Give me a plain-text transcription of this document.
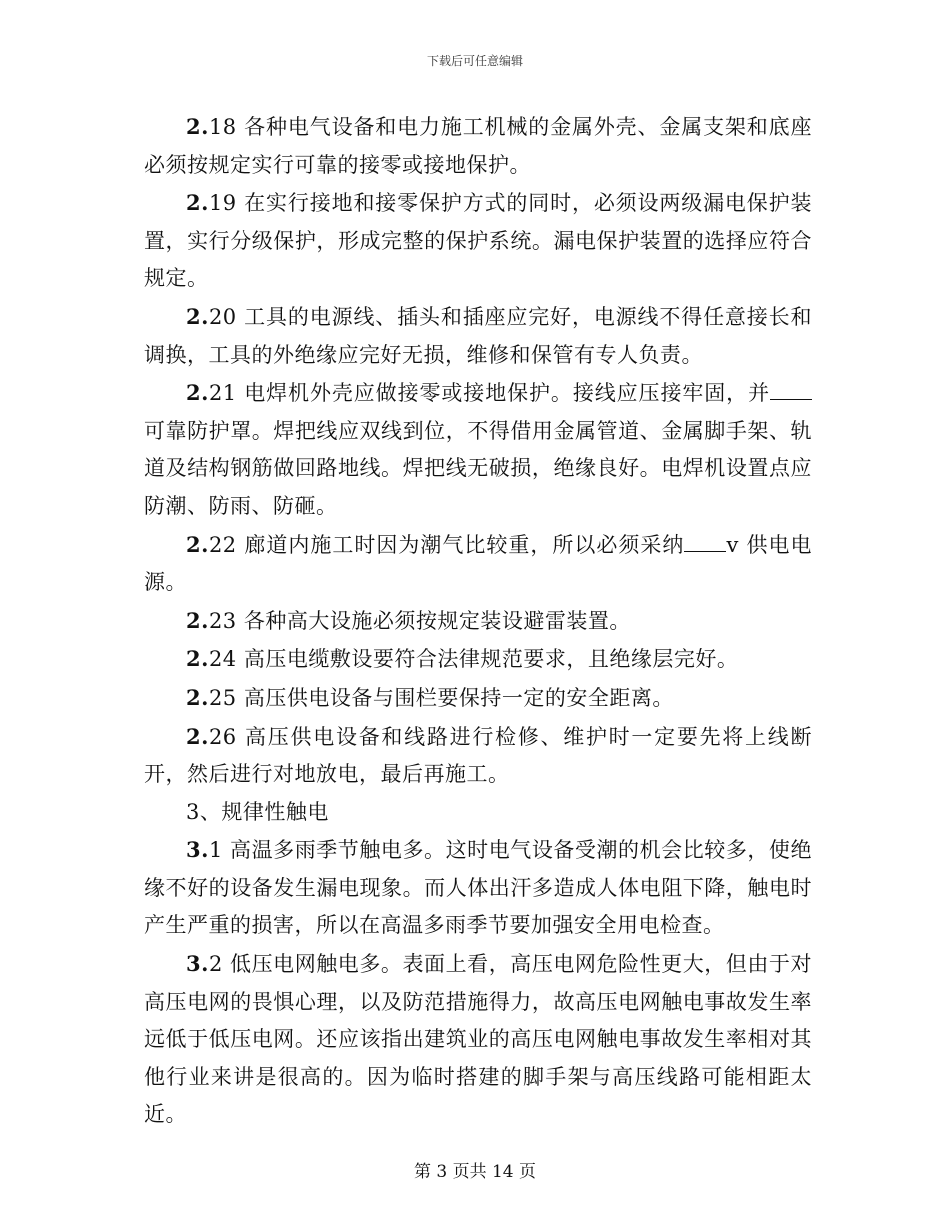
下载后可任意编辑

2.18 各种电气设备和电力施工机械的金属外壳、金属支架和底座必须按规定实行可靠的接零或接地保护。

2.19 在实行接地和接零保护方式的同时，必须设两级漏电保护装置，实行分级保护，形成完整的保护系统。漏电保护装置的选择应符合规定。

2.20 工具的电源线、插头和插座应完好，电源线不得任意接长和调换，工具的外绝缘应完好无损，维修和保管有专人负责。

2.21 电焊机外壳应做接零或接地保护。接线应压接牢固，并可靠防护罩。焊把线应双线到位，不得借用金属管道、金属脚手架、轨道及结构钢筋做回路地线。焊把线无破损，绝缘良好。电焊机设置点应防潮、防雨、防砸。

2.22 廊道内施工时因为潮气比较重，所以必须采纳 v 供电电源。

2.23 各种高大设施必须按规定装设避雷装置。

2.24 高压电缆敷设要符合法律规范要求，且绝缘层完好。

2.25 高压供电设备与围栏要保持一定的安全距离。

2.26 高压供电设备和线路进行检修、维护时一定要先将上线断开，然后进行对地放电，最后再施工。

3、规律性触电

3.1 高温多雨季节触电多。这时电气设备受潮的机会比较多，使绝缘不好的设备发生漏电现象。而人体出汗多造成人体电阻下降，触电时产生严重的损害，所以在高温多雨季节要加强安全用电检查。

3.2 低压电网触电多。表面上看，高压电网危险性更大，但由于对高压电网的畏惧心理，以及防范措施得力，故高压电网触电事故发生率远低于低压电网。还应该指出建筑业的高压电网触电事故发生率相对其他行业来讲是很高的。因为临时搭建的脚手架与高压线路可能相距太近。

第 3 页共 14 页
